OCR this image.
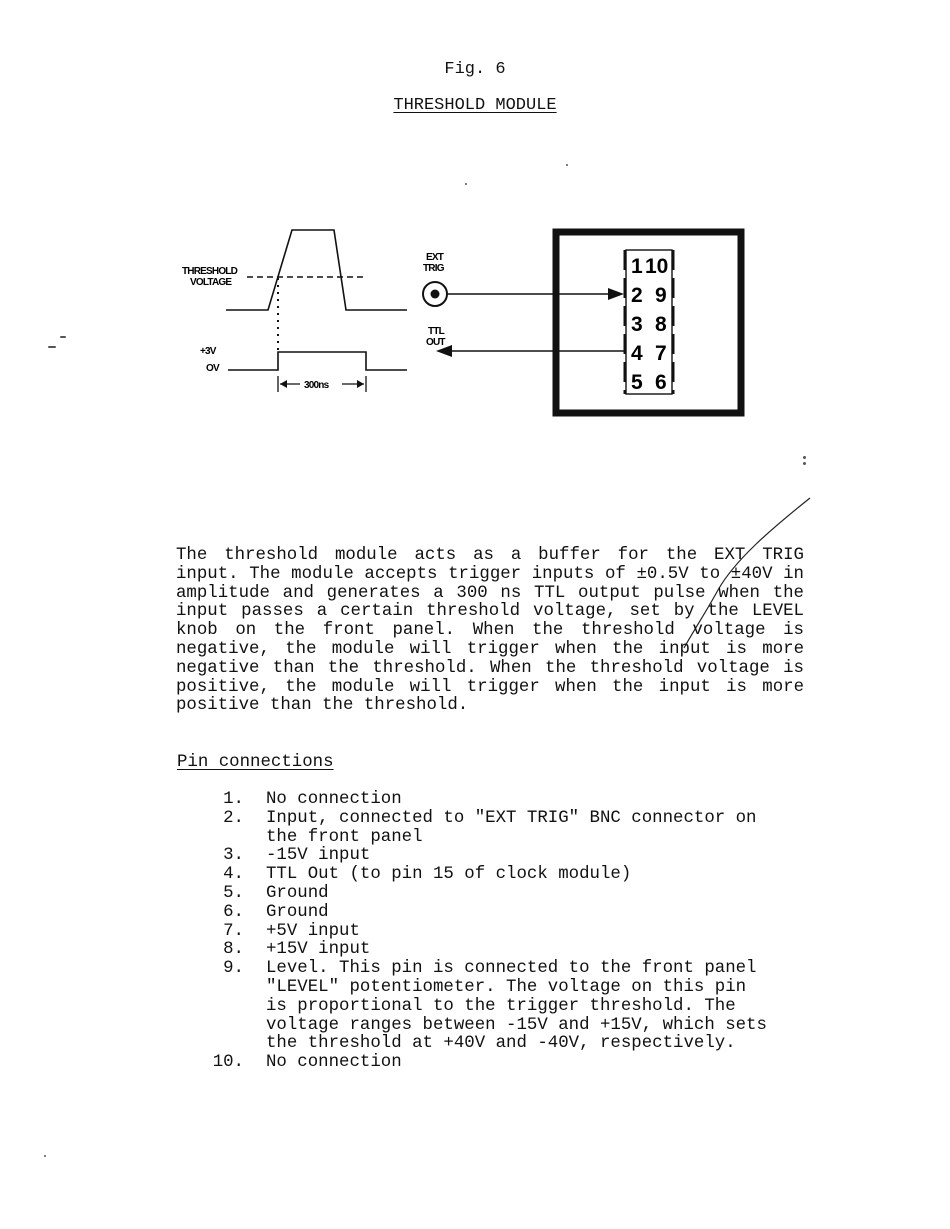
Fig. 6
THRESHOLD MODULE
300ns
THRESHOLD
VOLTAGE
+3V
OV
EXT
TRIG
TTL
OUT
1
2
3
4
5
10
9
8
7
6
The threshold module acts as a buffer for the EXT TRIG input. The module accepts trigger inputs of ±0.5V to ±40V in amplitude and generates a 300 ns TTL output pulse when the input passes a certain threshold voltage, set by the LEVEL knob on the front panel. When the threshold voltage is negative, the module will trigger when the input is more negative than the threshold. When the threshold voltage is positive, the module will trigger when the input is more positive than the threshold.
Pin connections
1. No connection
2. Input, connected to "EXT TRIG" BNC connector on
the front panel
3. -15V input
4. TTL Out (to pin 15 of clock module)
5. Ground
6. Ground
7. +5V input
8. +15V input
9. Level. This pin is connected to the front panel
"LEVEL" potentiometer. The voltage on this pin
is proportional to the trigger threshold. The
voltage ranges between -15V and +15V, which sets
the threshold at +40V and -40V, respectively.
10. No connection
